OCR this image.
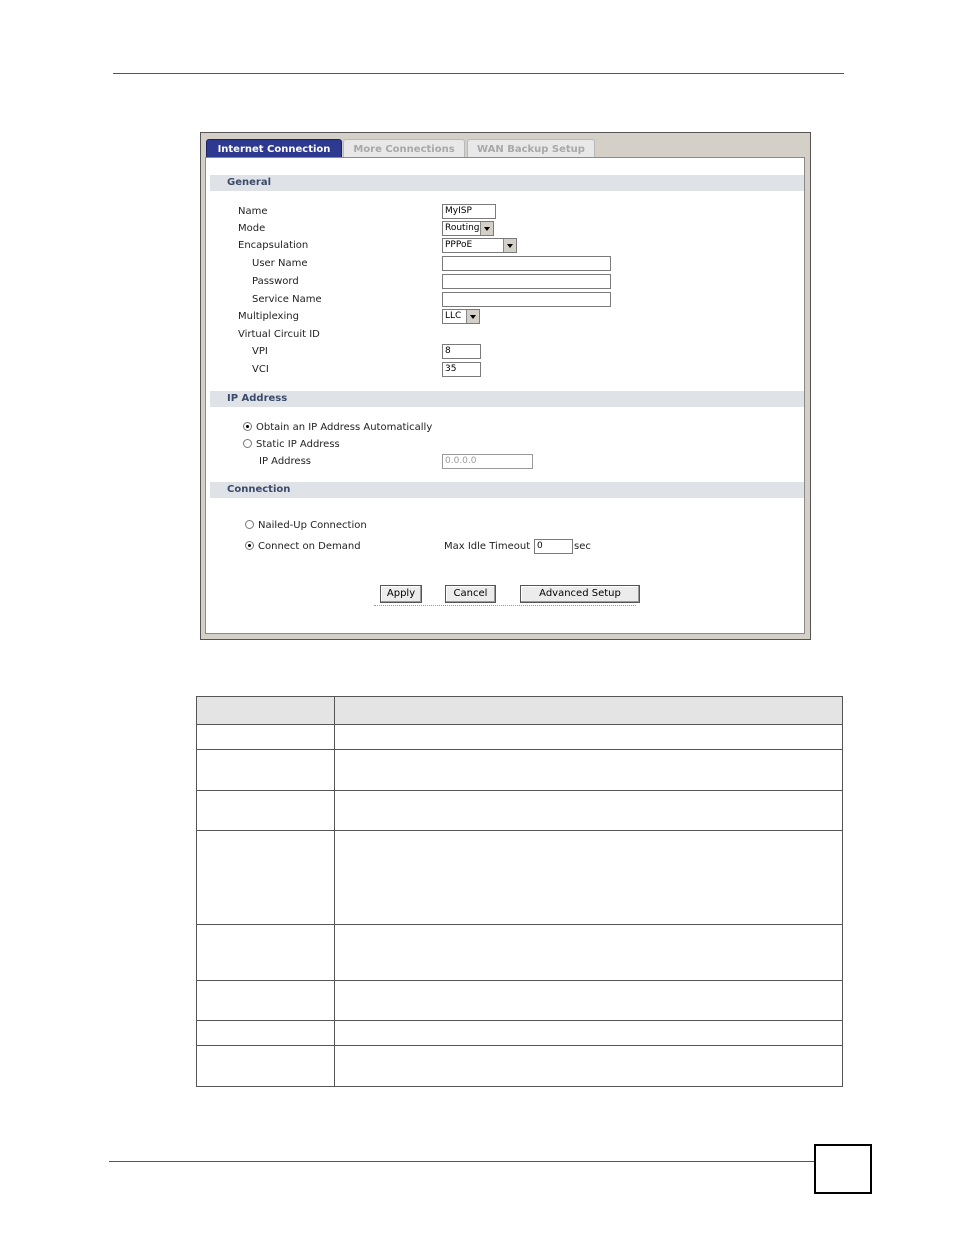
Internet Connection	More Connections	WAN Backup Setup
General
Name	MyISP
Mode	Routing
Encapsulation	PPPoE
User Name
Password
Service Name
Multiplexing	LLC
Virtual Circuit ID
VPI	8
VCI	35
IP Address
Obtain an IP Address Automatically
Static IP Address
IP Address	0.0.0.0
Connection
Nailed-Up Connection
Connect on Demand	Max Idle Timeout 0	sec
Apply	Cancel	Advanced Setup
